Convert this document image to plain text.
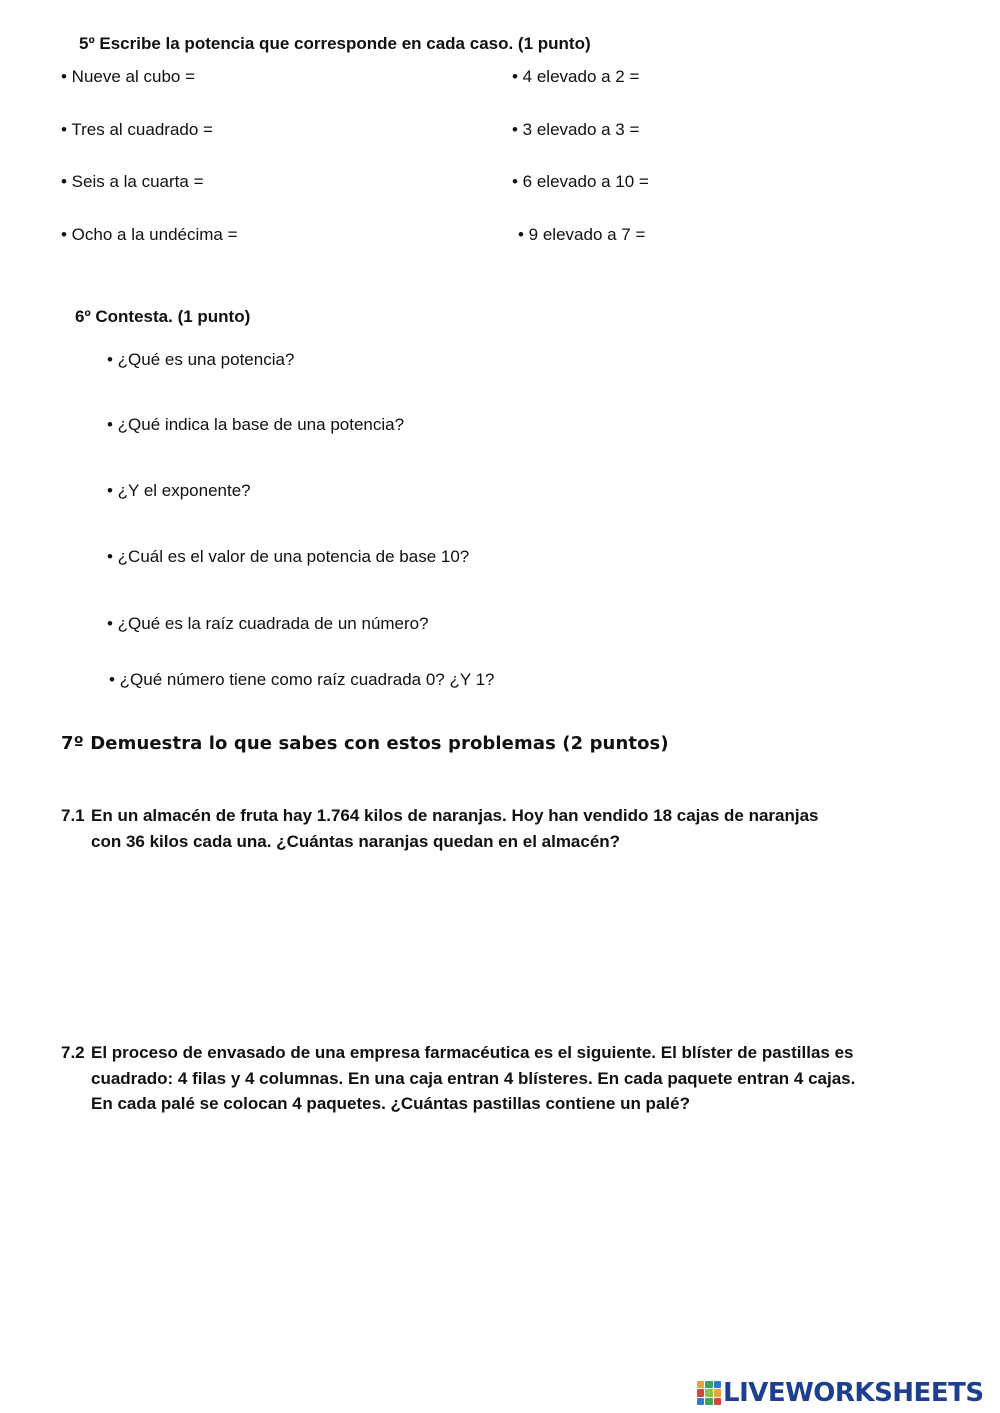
5º Escribe la potencia que corresponde en cada caso. (1 punto)
• Nueve al cubo =
• Tres al cuadrado =
• Seis a la cuarta =
• Ocho a la undécima =
• 4 elevado a 2 =
• 3 elevado a 3 =
• 6 elevado a 10 =
• 9 elevado a 7 =
6º Contesta. (1 punto)
• ¿Qué es una potencia?
• ¿Qué indica la base de una potencia?
• ¿Y el exponente?
• ¿Cuál es el valor de una potencia de base 10?
• ¿Qué es la raíz cuadrada de un número?
• ¿Qué número tiene como raíz cuadrada 0? ¿Y 1?
7º Demuestra lo que sabes con estos problemas (2 puntos)
7.1 En un almacén de fruta hay 1.764 kilos de naranjas. Hoy han vendido 18 cajas de naranjas
con 36 kilos cada una. ¿Cuántas naranjas quedan en el almacén?
7.2 El proceso de envasado de una empresa farmacéutica es el siguiente. El blíster de pastillas es
cuadrado: 4 filas y 4 columnas. En una caja entran 4 blísteres. En cada paquete entran 4 cajas.
En cada palé se colocan 4 paquetes. ¿Cuántas pastillas contiene un palé?
LIVEWORKSHEETS
